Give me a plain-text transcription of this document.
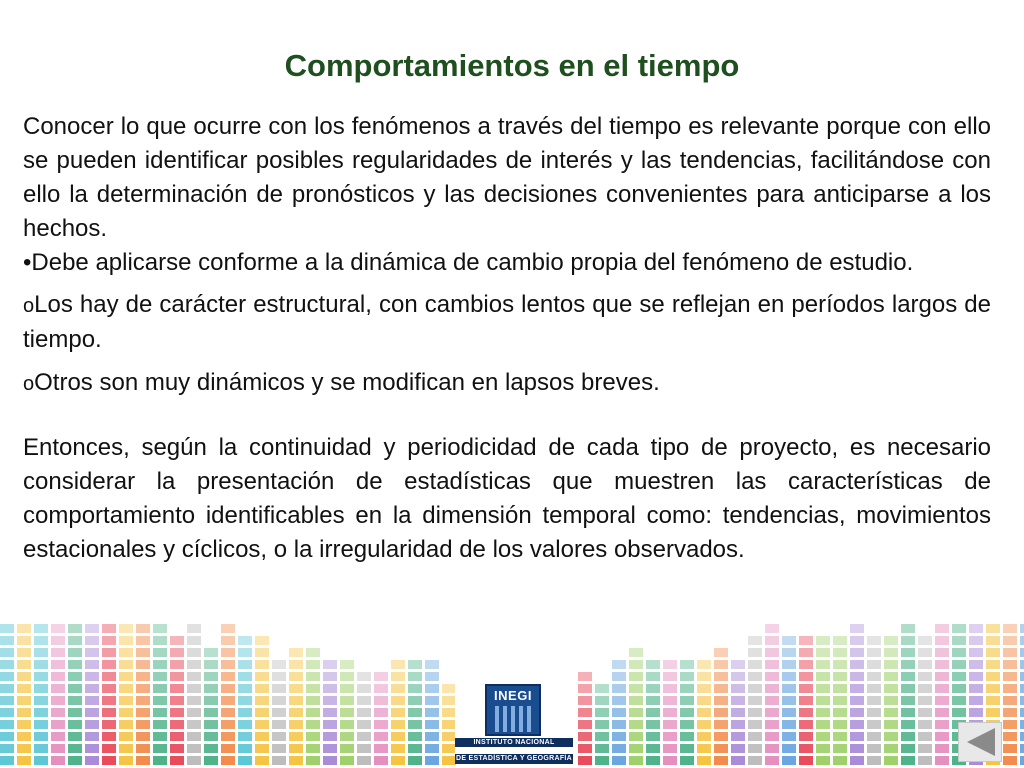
Comportamientos en el tiempo

Conocer lo que ocurre con los fenómenos a través del tiempo es relevante porque con ello se pueden identificar posibles regularidades de interés y las tendencias, facilitándose con ello la determinación de pronósticos y las decisiones convenientes para anticiparse a los hechos.

•Debe aplicarse conforme a la dinámica de cambio propia del fenómeno de estudio.

oLos hay de carácter estructural, con cambios lentos que se reflejan en períodos largos de tiempo.

oOtros son muy dinámicos y se modifican en lapsos breves.

Entonces, según la continuidad y periodicidad de cada tipo de proyecto, es necesario considerar la presentación de estadísticas que muestren las características de comportamiento identificables en la dimensión temporal como: tendencias, movimientos estacionales y cíclicos, o la irregularidad de los valores observados.

INEGI
INSTITUTO NACIONAL
DE ESTADÍSTICA Y GEOGRAFÍA
